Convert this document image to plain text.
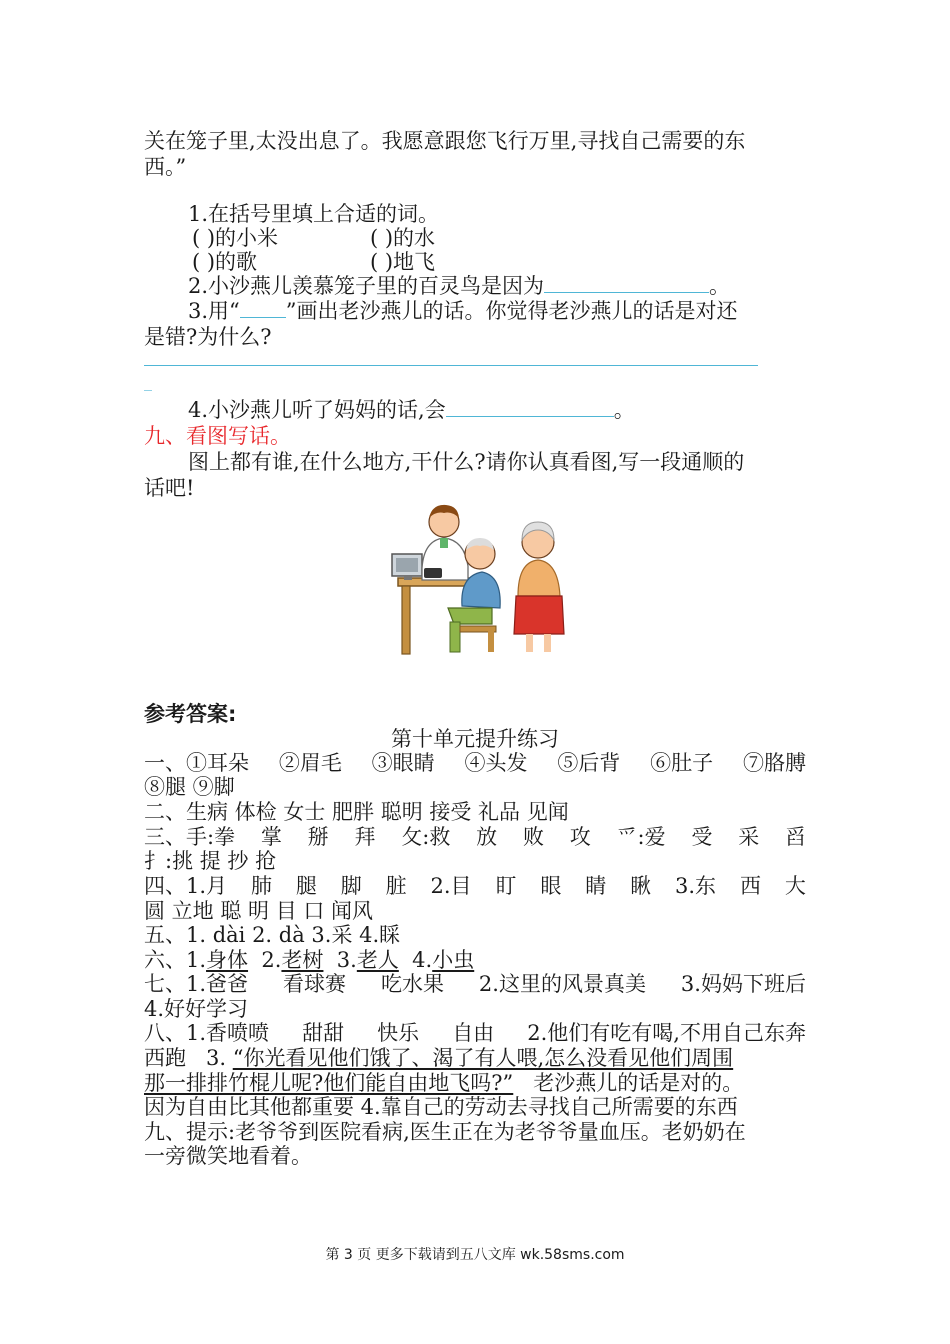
关在笼子里,太没出息了。我愿意跟您飞行万里,寻找自己需要的东
西。”
1.在括号里填上合适的词。
( )的小米	( )的水
( )的歌	( )地飞
2.小沙燕儿羡慕笼子里的百灵鸟是因为	。
3.用“ ”画出老沙燕儿的话。你觉得老沙燕儿的话是对还
是错?为什么?
_
4.小沙燕儿听了妈妈的话,会	。
九、看图写话。
图上都有谁,在什么地方,干什么?请你认真看图,写一段通顺的
话吧!
参考答案:
第十单元提升练习
一、①耳朵 ②眉毛 ③眼睛 ④头发 ⑤后背 ⑥肚子 ⑦胳膊
⑧腿 ⑨脚
二、生病 体检 女士 肥胖 聪明 接受 礼品 见闻
三、手:拳 掌 掰 拜 攵:救 放 败 攻 爫:爱 受 采 舀
扌:挑 提 抄 抢
四、1.月 肺 腿 脚 脏 2.目 盯 眼 睛 瞅 3.东 西 大
圆 立地 聪 明 目 口 闻风
五、1. dài 2. dà 3.采 4.睬
六、1.身体  2.老树  3.老人  4.小虫
七、1.爸爸 看球赛 吃水果 2.这里的风景真美 3.妈妈下班后
4.好好学习
八、1.香喷喷 甜甜 快乐 自由 2.他们有吃有喝,不用自己东奔
西跑   3. “你光看见他们饿了、渴了有人喂,怎么没看见他们周围
那一排排竹棍儿呢?他们能自由地飞吗?”   老沙燕儿的话是对的。
因为自由比其他都重要 4.靠自己的劳动去寻找自己所需要的东西
九、提示:老爷爷到医院看病,医生正在为老爷爷量血压。老奶奶在
一旁微笑地看着。
第 3 页 更多下载请到五八文库 wk.58sms.com
